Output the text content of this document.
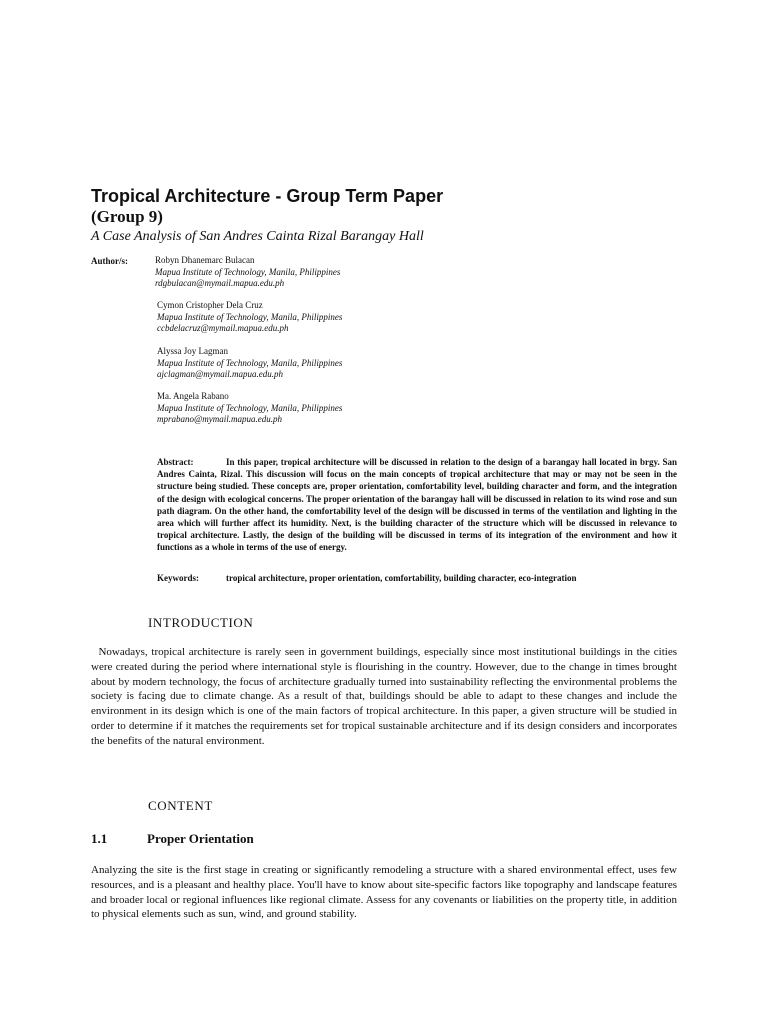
Tropical Architecture - Group Term Paper
(Group 9)
A Case Analysis of San Andres Cainta Rizal Barangay Hall
Author/s:	Robyn Dhanemarc Bulacan
Mapua Institute of Technology, Manila, Philippines
rdgbulacan@mymail.mapua.edu.ph
Cymon Cristopher Dela Cruz
Mapua Institute of Technology, Manila, Philippines
ccbdelacruz@mymail.mapua.edu.ph
Alyssa Joy Lagman
Mapua Institute of Technology, Manila, Philippines
ajclagman@mymail.mapua.edu.ph
Ma. Angela Rabano
Mapua Institute of Technology, Manila, Philippines
mprabano@mymail.mapua.edu.ph

Abstract:	In this paper, tropical architecture will be discussed in relation to the design of a barangay hall located in brgy. San Andres Cainta, Rizal. This discussion will focus on the main concepts of tropical architecture that may or may not be seen in the structure being studied. These concepts are, proper orientation, comfortability level, building character and form, and the integration of the design with ecological concerns. The proper orientation of the barangay hall will be discussed in relation to its wind rose and sun path diagram. On the other hand, the comfortability level of the design will be discussed in terms of the ventilation and lighting in the area which will further affect its humidity. Next, is the building character of the structure which will be discussed in relevance to tropical architecture. Lastly, the design of the building will be discussed in terms of its integration of the environment and how it functions as a whole in terms of the use of energy.

Keywords:	tropical architecture, proper orientation, comfortability, building character, eco-integration

INTRODUCTION

Nowadays, tropical architecture is rarely seen in government buildings, especially since most institutional buildings in the cities were created during the period where international style is flourishing in the country. However, due to the change in times brought about by modern technology, the focus of architecture gradually turned into sustainability reflecting the environmental problems the society is facing due to climate change. As a result of that, buildings should be able to adapt to these changes and include the environment in its design which is one of the main factors of tropical architecture. In this paper, a given structure will be studied in order to determine if it matches the requirements set for tropical sustainable architecture and if its design considers and incorporates the benefits of the natural environment.

CONTENT
1.1	Proper Orientation

Analyzing the site is the first stage in creating or significantly remodeling a structure with a shared environmental effect, uses few resources, and is a pleasant and healthy place. You'll have to know about site-specific factors like topography and landscape features and broader local or regional influences like regional climate. Assess for any covenants or liabilities on the property title, in addition to physical elements such as sun, wind, and ground stability.
